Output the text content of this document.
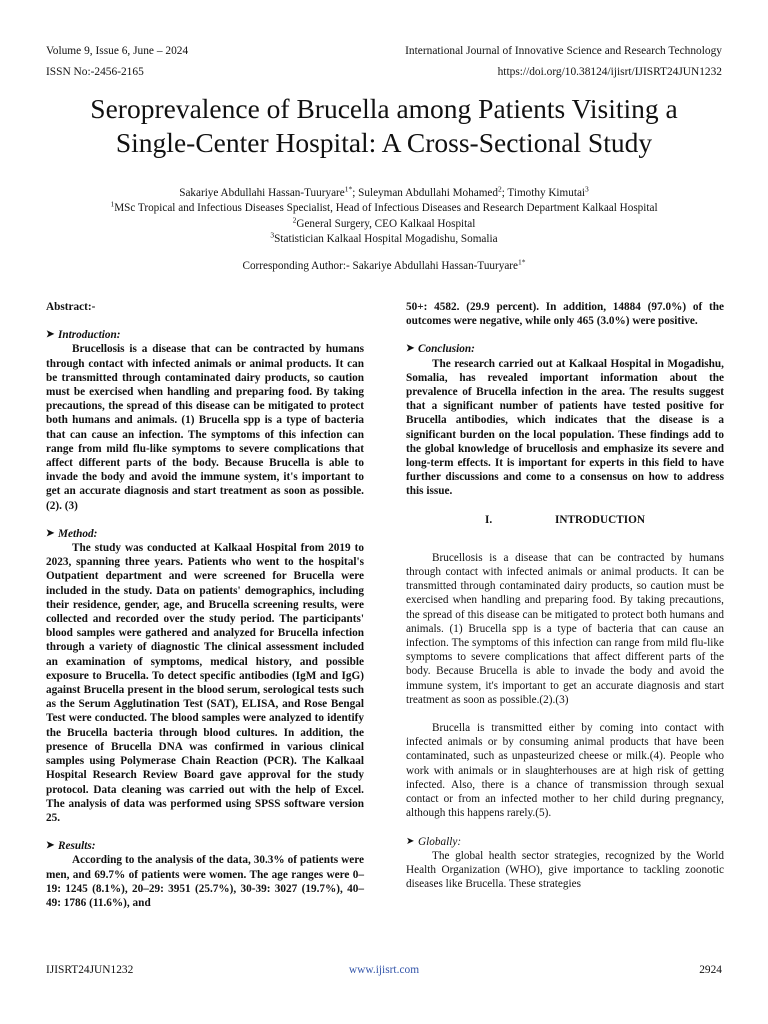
Volume 9, Issue 6, June – 2024	International Journal of Innovative Science and Research Technology
ISSN No:-2456-2165	https://doi.org/10.38124/ijisrt/IJISRT24JUN1232
Seroprevalence of Brucella among Patients Visiting a
Single-Center Hospital: A Cross-Sectional Study
Sakariye Abdullahi Hassan-Tuuryare$^{1*}$; Suleyman Abdullahi Mohamed$^2$; Timothy Kimutai$^3$
$^1$MSc Tropical and Infectious Diseases Specialist, Head of Infectious Diseases and Research Department Kalkaal Hospital
$^2$General Surgery, CEO Kalkaal Hospital
$^3$Statistician Kalkaal Hospital Mogadishu, Somalia
Corresponding Author:- Sakariye Abdullahi Hassan-Tuuryare$^{1*}$

Abstract:-

➤ Introduction:

Brucellosis is a disease that can be contracted by humans through contact with infected animals or animal products. It can be transmitted through contaminated dairy products, so caution must be exercised when handling and preparing food. By taking precautions, the spread of this disease can be mitigated to protect both humans and animals. (1) Brucella spp is a type of bacteria that can cause an infection. The symptoms of this infection can range from mild flu-like symptoms to severe complications that affect different parts of the body. Because Brucella is able to invade the body and avoid the immune system, it's important to get an accurate diagnosis and start treatment as soon as possible. (2). (3)

➤ Method:

The study was conducted at Kalkaal Hospital from 2019 to 2023, spanning three years. Patients who went to the hospital's Outpatient department and were screened for Brucella were included in the study. Data on patients' demographics, including their residence, gender, age, and Brucella screening results, were collected and recorded over the study period. The participants' blood samples were gathered and analyzed for Brucella infection through a variety of diagnostic The clinical assessment included an examination of symptoms, medical history, and possible exposure to Brucella. To detect specific antibodies (IgM and IgG) against Brucella present in the blood serum, serological tests such as the Serum Agglutination Test (SAT), ELISA, and Rose Bengal Test were conducted. The blood samples were analyzed to identify the Brucella bacteria through blood cultures. In addition, the presence of Brucella DNA was confirmed in various clinical samples using Polymerase Chain Reaction (PCR). The Kalkaal Hospital Research Review Board gave approval for the study protocol. Data cleaning was carried out with the help of Excel. The analysis of data was performed using SPSS software version 25.

➤ Results:

According to the analysis of the data, 30.3% of patients were men, and 69.7% of patients were women. The age ranges were 0–19: 1245 (8.1%), 20–29: 3951 (25.7%), 30-39: 3027 (19.7%), 40–49: 1786 (11.6%), and

50+: 4582. (29.9 percent). In addition, 14884 (97.0%) of the outcomes were negative, while only 465 (3.0%) were positive.

➤ Conclusion:

The research carried out at Kalkaal Hospital in Mogadishu, Somalia, has revealed important information about the prevalence of Brucella infection in the area. The results suggest that a significant number of patients have tested positive for Brucella antibodies, which indicates that the disease is a significant burden on the local population. These findings add to the global knowledge of brucellosis and emphasize its severe and long-term effects. It is important for experts in this field to have further discussions and come to a consensus on how to address this issue.

I.	INTRODUCTION

Brucellosis is a disease that can be contracted by humans through contact with infected animals or animal products. It can be transmitted through contaminated dairy products, so caution must be exercised when handling and preparing food. By taking precautions, the spread of this disease can be mitigated to protect both humans and animals. (1) Brucella spp is a type of bacteria that can cause an infection. The symptoms of this infection can range from mild flu-like symptoms to severe complications that affect different parts of the body. Because Brucella is able to invade the body and avoid the immune system, it's important to get an accurate diagnosis and start treatment as soon as possible.(2).(3)

Brucella is transmitted either by coming into contact with infected animals or by consuming animal products that have been contaminated, such as unpasteurized cheese or milk.(4). People who work with animals or in slaughterhouses are at high risk of getting infected. Also, there is a chance of transmission through sexual contact or from an infected mother to her child during pregnancy, although this happens rarely.(5).

➤ Globally:

The global health sector strategies, recognized by the World Health Organization (WHO), give importance to tackling zoonotic diseases like Brucella. These strategies

IJISRT24JUN1232	www.ijisrt.com	2924
